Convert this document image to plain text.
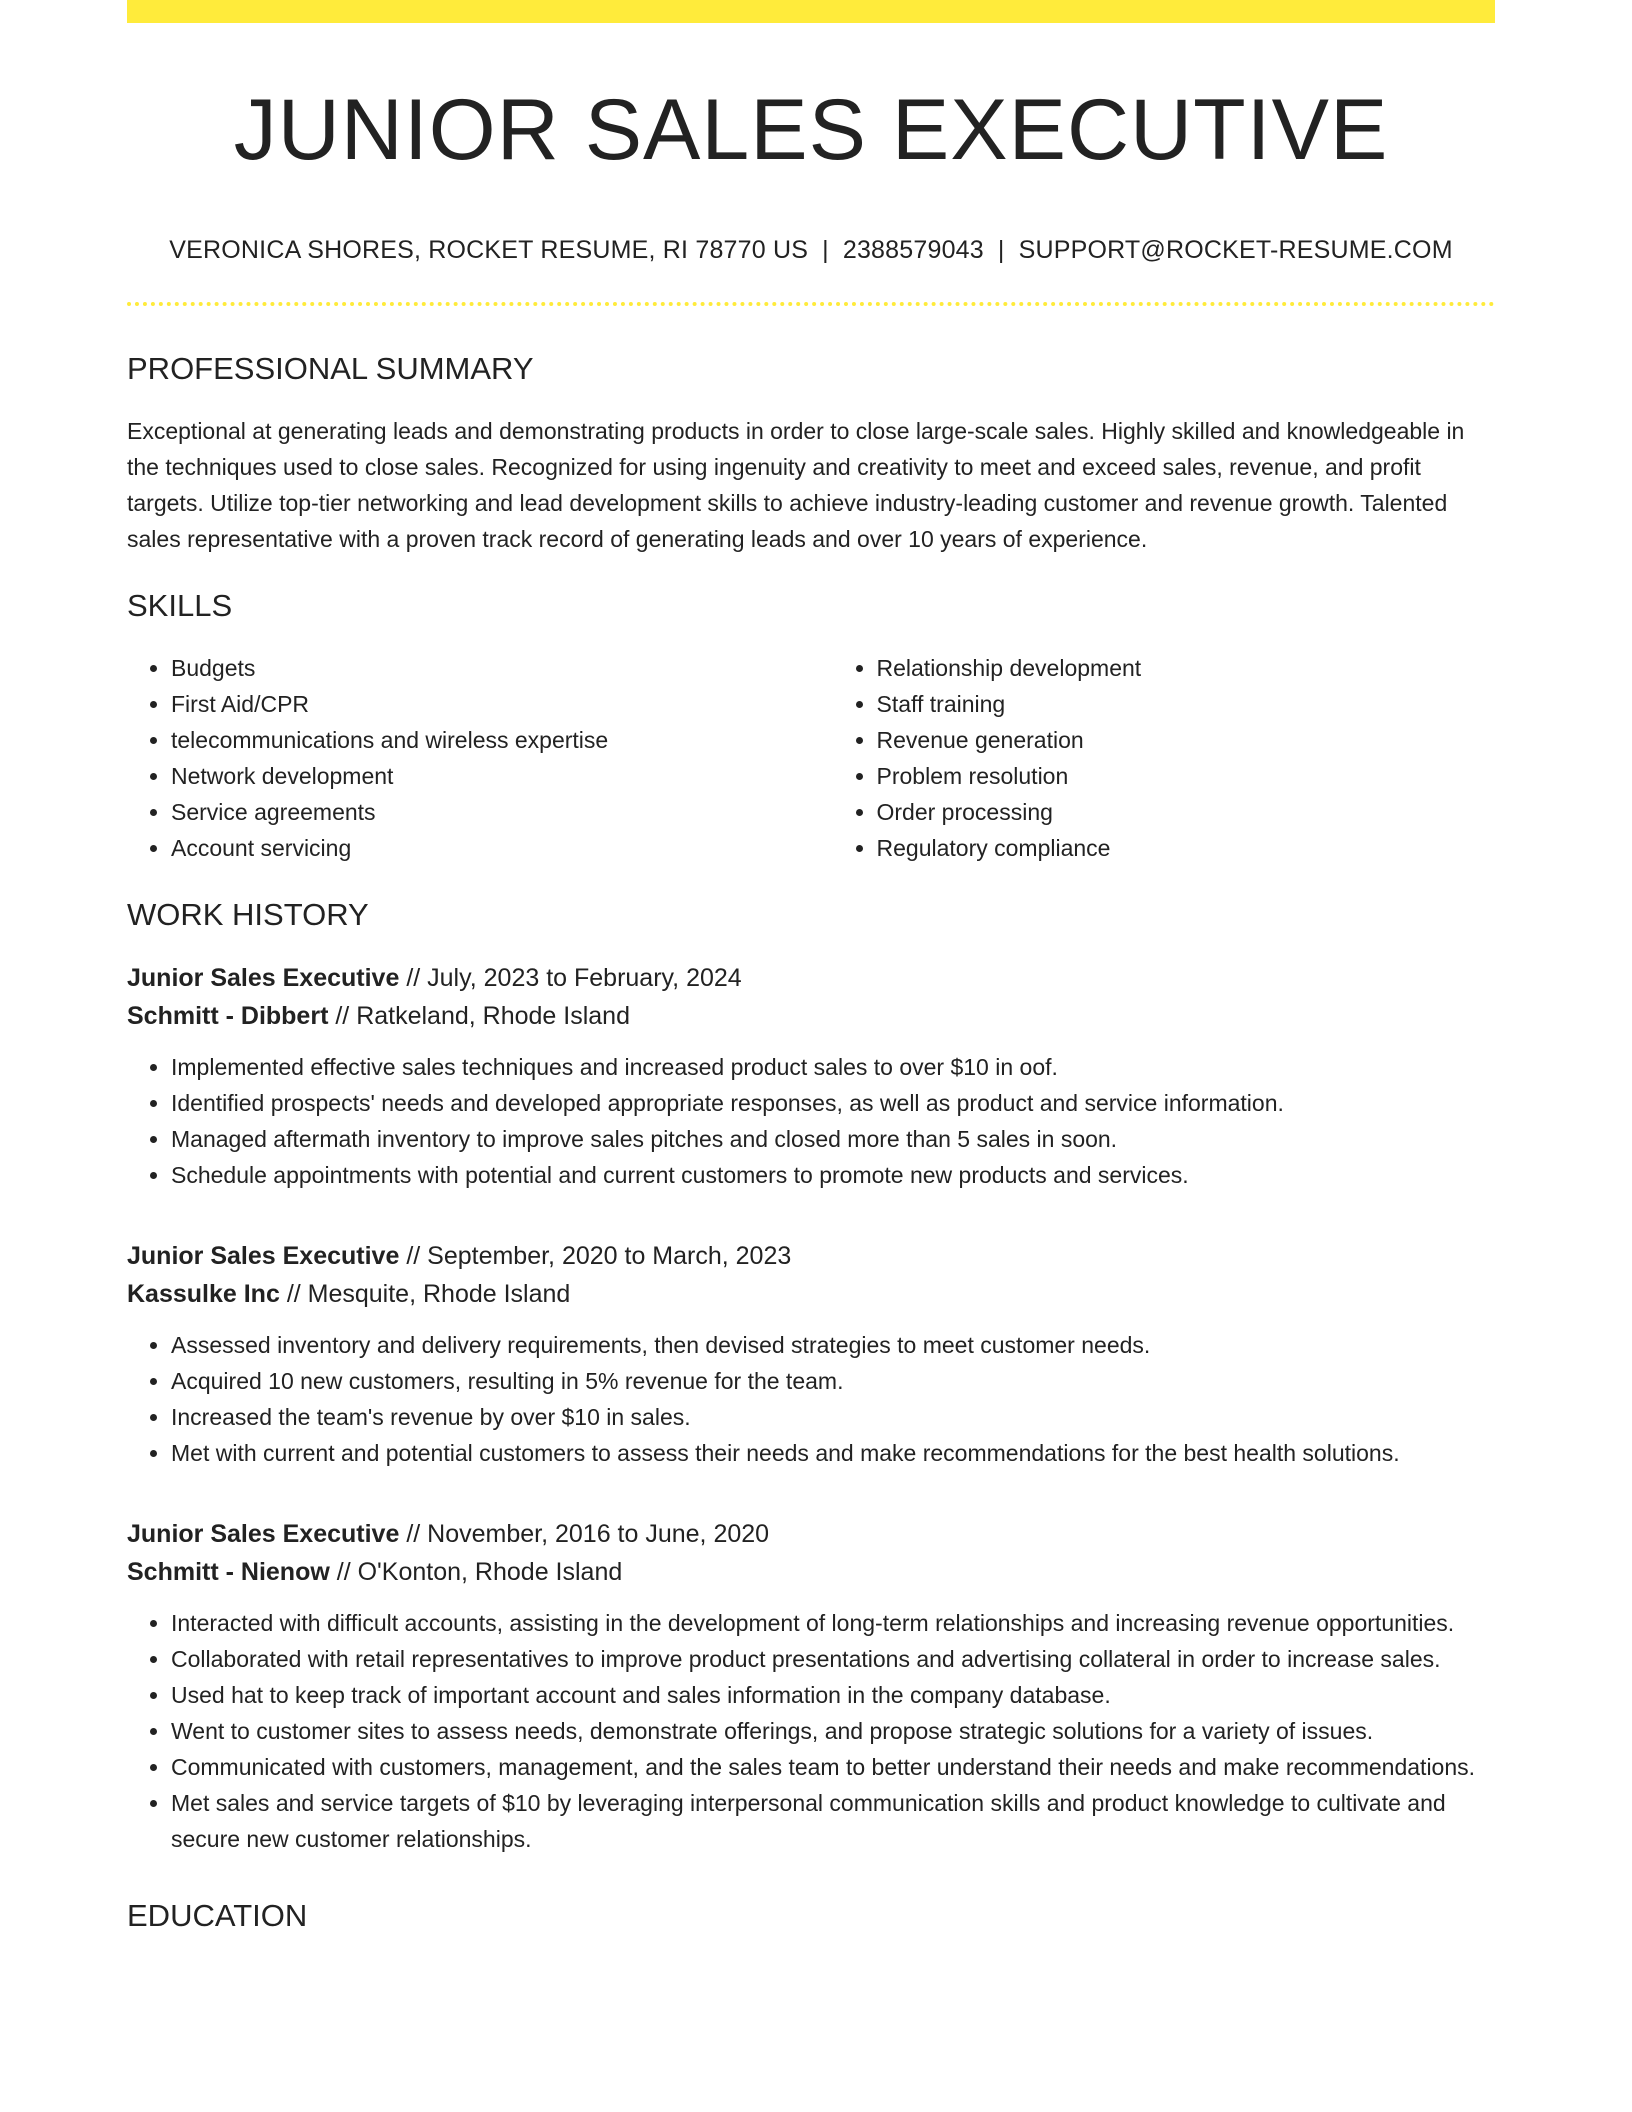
JUNIOR SALES EXECUTIVE
VERONICA SHORES, ROCKET RESUME, RI 78770 US | 2388579043 | SUPPORT@ROCKET-RESUME.COM
PROFESSIONAL SUMMARY

Exceptional at generating leads and demonstrating products in order to close large-scale sales. Highly skilled and knowledgeable in the techniques used to close sales. Recognized for using ingenuity and creativity to meet and exceed sales, revenue, and profit targets. Utilize top-tier networking and lead development skills to achieve industry-leading customer and revenue growth. Talented sales representative with a proven track record of generating leads and over 10 years of experience.

SKILLS
• Budgets
• First Aid/CPR
• telecommunications and wireless expertise
• Network development
• Service agreements
• Account servicing
• Relationship development
• Staff training
• Revenue generation
• Problem resolution
• Order processing
• Regulatory compliance
WORK HISTORY
Junior Sales Executive // July, 2023 to February, 2024
Schmitt - Dibbert // Ratkeland, Rhode Island
• Implemented effective sales techniques and increased product sales to over $10 in oof.
• Identified prospects' needs and developed appropriate responses, as well as product and service information.
• Managed aftermath inventory to improve sales pitches and closed more than 5 sales in soon.
• Schedule appointments with potential and current customers to promote new products and services.
Junior Sales Executive // September, 2020 to March, 2023
Kassulke Inc // Mesquite, Rhode Island
• Assessed inventory and delivery requirements, then devised strategies to meet customer needs.
• Acquired 10 new customers, resulting in 5% revenue for the team.
• Increased the team's revenue by over $10 in sales.
• Met with current and potential customers to assess their needs and make recommendations for the best health solutions.
Junior Sales Executive // November, 2016 to June, 2020
Schmitt - Nienow // O'Konton, Rhode Island
• Interacted with difficult accounts, assisting in the development of long-term relationships and increasing revenue opportunities.
• Collaborated with retail representatives to improve product presentations and advertising collateral in order to increase sales.
• Used hat to keep track of important account and sales information in the company database.
• Went to customer sites to assess needs, demonstrate offerings, and propose strategic solutions for a variety of issues.
• Communicated with customers, management, and the sales team to better understand their needs and make recommendations.
• Met sales and service targets of $10 by leveraging interpersonal communication skills and product knowledge to cultivate and secure new customer relationships.
EDUCATION
